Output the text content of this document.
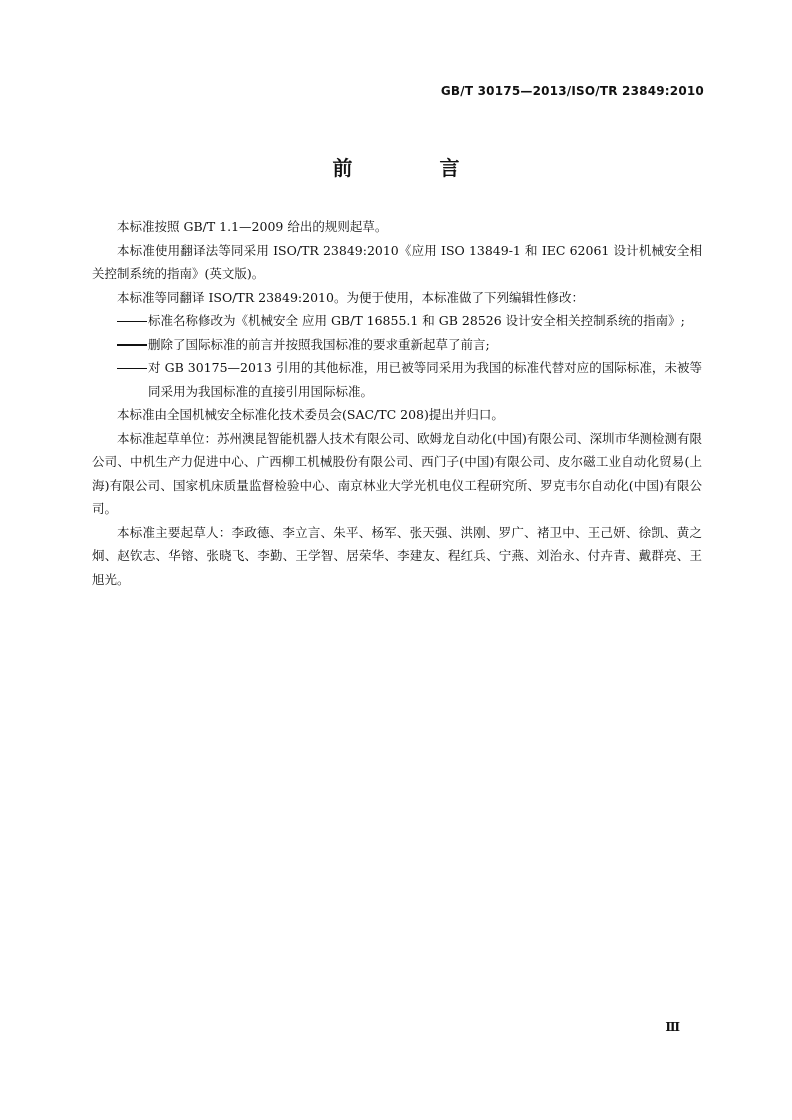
GB/T 30175—2013/ISO/TR 23849:2010
前 言

本标准按照 GB/T 1.1—2009 给出的规则起草。

本标准使用翻译法等同采用 ISO/TR 23849:2010《应用 ISO 13849-1 和 IEC 62061 设计机械安全相关控制系统的指南》(英文版)。

本标准等同翻译 ISO/TR 23849:2010。为便于使用，本标准做了下列编辑性修改：

标准名称修改为《机械安全 应用 GB/T 16855.1 和 GB 28526 设计安全相关控制系统的指南》;

删除了国际标准的前言并按照我国标准的要求重新起草了前言;

对 GB 30175—2013 引用的其他标准，用已被等同采用为我国的标准代替对应的国际标准，未被等同采用为我国标准的直接引用国际标准。

本标准由全国机械安全标准化技术委员会(SAC/TC 208)提出并归口。

本标准起草单位：苏州澳昆智能机器人技术有限公司、欧姆龙自动化(中国)有限公司、深圳市华测检测有限公司、中机生产力促进中心、广西柳工机械股份有限公司、西门子(中国)有限公司、皮尔磁工业自动化贸易(上海)有限公司、国家机床质量监督检验中心、南京林业大学光机电仪工程研究所、罗克韦尔自动化(中国)有限公司。

本标准主要起草人：李政德、李立言、朱平、杨军、张天强、洪刚、罗广、褚卫中、王己妍、徐凯、黄之炯、赵钦志、华镕、张晓飞、李勤、王学智、居荣华、李建友、程红兵、宁燕、刘治永、付卉青、戴群亮、王旭光。

Ⅲ
